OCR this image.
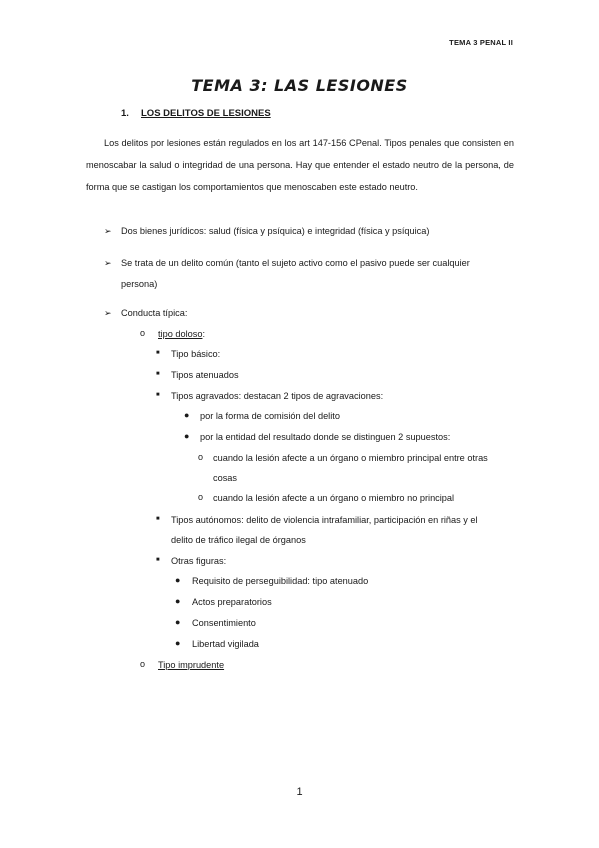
TEMA 3 PENAL II
TEMA 3: LAS LESIONES
1. LOS DELITOS DE LESIONES
Los delitos por lesiones están regulados en los art 147-156 CPenal. Tipos penales que consisten en menoscabar la salud o integridad de una persona. Hay que entender el estado neutro de la persona, de forma que se castigan los comportamientos que menoscaben este estado neutro.
➢ Dos bienes jurídicos: salud (física y psíquica) e integridad (física y psíquica)
➢ Se trata de un delito común (tanto el sujeto activo como el pasivo puede ser cualquier
persona)
➢ Conducta típica:
o tipo doloso:
■ Tipo básico:
■ Tipos atenuados
■ Tipos agravados: destacan 2 tipos de agravaciones:
● por la forma de comisión del delito
● por la entidad del resultado donde se distinguen 2 supuestos:
o cuando la lesión afecte a un órgano o miembro principal entre otras
cosas
o cuando la lesión afecte a un órgano o miembro no principal
■ Tipos autónomos: delito de violencia intrafamiliar, participación en riñas y el
delito de tráfico ilegal de órganos
■ Otras figuras:
● Requisito de perseguibilidad: tipo atenuado
● Actos preparatorios
● Consentimiento
● Libertad vigilada
o Tipo imprudente
1
